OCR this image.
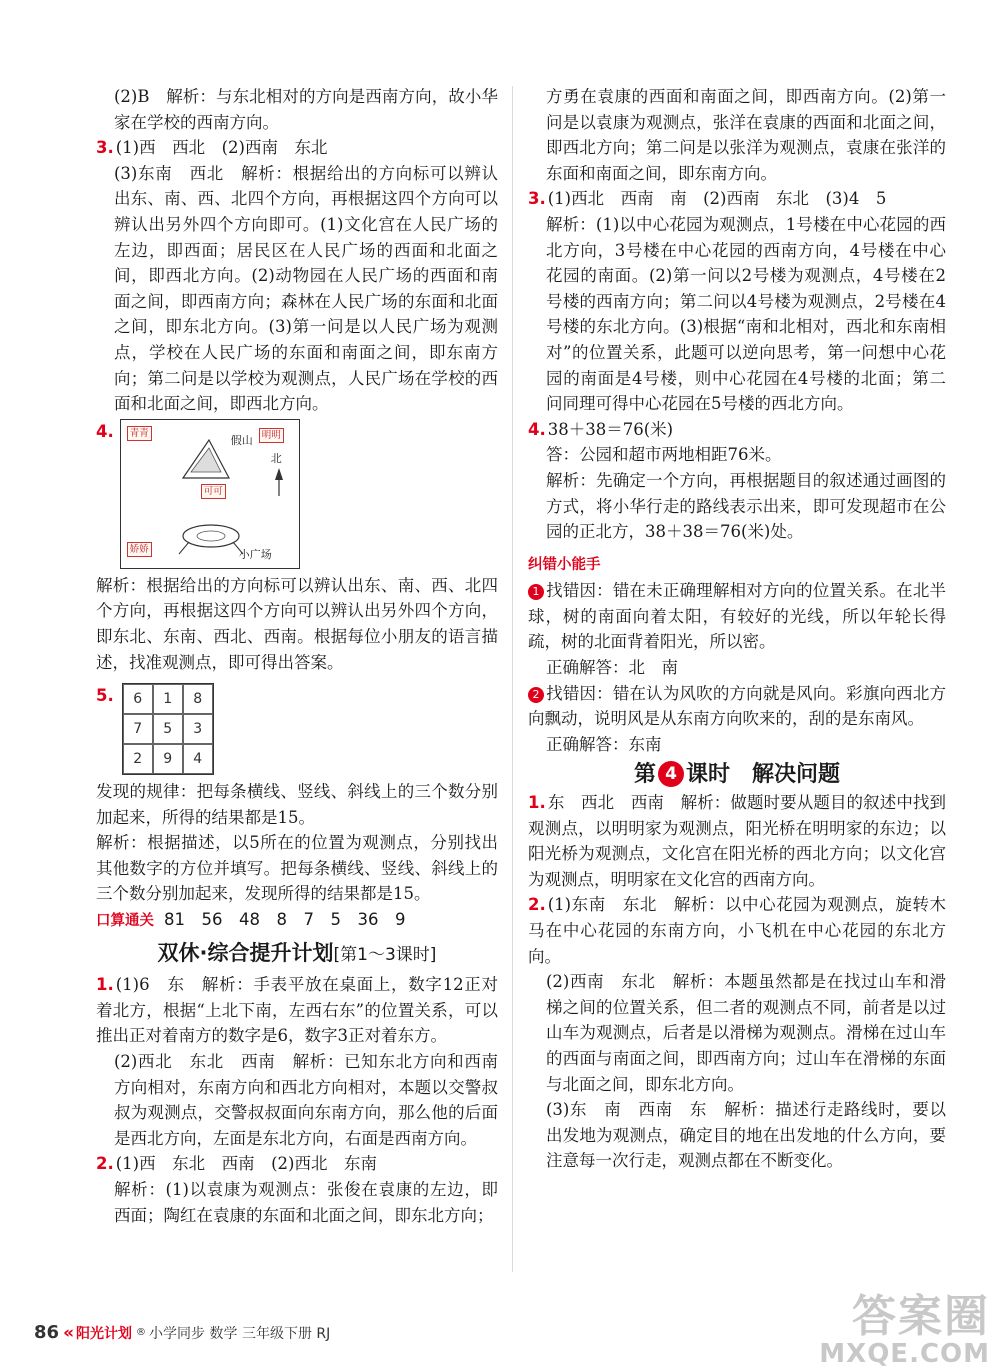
(2)B　解析：与东北相对的方向是西南方向，故小华家在学校的西南方向。

3. (1)西　西北　(2)西南　东北

(3)东南　西北　解析：根据给出的方向标可以辨认出东、南、西、北四个方向，再根据这四个方向可以辨认出另外四个方向即可。(1)文化宫在人民广场的左边，即西面；居民区在人民广场的西面和北面之间，即西北方向。(2)动物园在人民广场的西面和南面之间，即西南方向；森林在人民广场的东面和北面之间，即东北方向。(3)第一问是以人民广场为观测点，学校在人民广场的东面和南面之间，即东南方向；第二问是以学校为观测点，人民广场在学校的西面和北面之间，即西北方向。

4.	青青	明明
可可
娇娇
假山
北
小广场

解析：根据给出的方向标可以辨认出东、南、西、北四个方向，再根据这四个方向可以辨认出另外四个方向，即东北、东南、西北、西南。根据每位小朋友的语言描述，找准观测点，即可得出答案。

5.	6	1	8
7	5	3
2	9	4

发现的规律：把每条横线、竖线、斜线上的三个数分别加起来，所得的结果都是15。

解析：根据描述，以5所在的位置为观测点，分别找出其他数字的方位并填写。把每条横线、竖线、斜线上的三个数分别加起来，发现所得的结果都是15。

口算通关 81　56　48　8　7　5　36　9

双休·综合提升计划[第1～3课时]

1. (1)6　东　解析：手表平放在桌面上，数字12正对着北方，根据“上北下南，左西右东”的位置关系，可以推出正对着南方的数字是6，数字3正对着东方。

(2)西北　东北　西南　解析：已知东北方向和西南方向相对，东南方向和西北方向相对，本题以交警叔叔为观测点，交警叔叔面向东南方向，那么他的后面是西北方向，左面是东北方向，右面是西南方向。

2. (1)西　东北　西南　(2)西北　东南

解析：(1)以袁康为观测点：张俊在袁康的左边，即西面；陶红在袁康的东面和北面之间，即东北方向；

方勇在袁康的西面和南面之间，即西南方向。(2)第一问是以袁康为观测点，张洋在袁康的西面和北面之间，即西北方向；第二问是以张洋为观测点，袁康在张洋的东面和南面之间，即东南方向。

3. (1)西北　西南　南　(2)西南　东北　(3)4　5

解析：(1)以中心花园为观测点，1号楼在中心花园的西北方向，3号楼在中心花园的西南方向，4号楼在中心花园的南面。(2)第一问以2号楼为观测点，4号楼在2号楼的西南方向；第二问以4号楼为观测点，2号楼在4号楼的东北方向。(3)根据“南和北相对，西北和东南相对”的位置关系，此题可以逆向思考，第一问想中心花园的南面是4号楼，则中心花园在4号楼的北面；第二问同理可得中心花园在5号楼的西北方向。

4. 38＋38＝76(米)

答：公园和超市两地相距76米。

解析：先确定一个方向，再根据题目的叙述通过画图的方式，将小华行走的路线表示出来，即可发现超市在公园的正北方，38＋38＝76(米)处。

纠错小能手

1 找错因：错在未正确理解相对方向的位置关系。在北半球，树的南面向着太阳，有较好的光线，所以年轮长得疏，树的北面背着阳光，所以密。

正确解答：北　南

2 找错因：错在认为风吹的方向就是风向。彩旗向西北方向飘动，说明风是从东南方向吹来的，刮的是东南风。

正确解答：东南

第 4 课时　解决问题

1. 东　西北　西南　解析：做题时要从题目的叙述中找到观测点，以明明家为观测点，阳光桥在明明家的东边；以阳光桥为观测点，文化宫在阳光桥的西北方向；以文化宫为观测点，明明家在文化宫的西南方向。

2. (1)东南　东北　解析：以中心花园为观测点，旋转木马在中心花园的东南方向，小飞机在中心花园的东北方向。

(2)西南　东北　解析：本题虽然都是在找过山车和滑梯之间的位置关系，但二者的观测点不同，前者是以过山车为观测点，后者是以滑梯为观测点。滑梯在过山车的西面与南面之间，即西南方向；过山车在滑梯的东面与北面之间，即东北方向。

(3)东　南　西南　东　解析：描述行走路线时，要以出发地为观测点，确定目的地在出发地的什么方向，要注意每一次行走，观测点都在不断变化。

86 « 阳光计划 ® 小学同步 数学 三年级下册 RJ	答案圈
MXQE.COM
